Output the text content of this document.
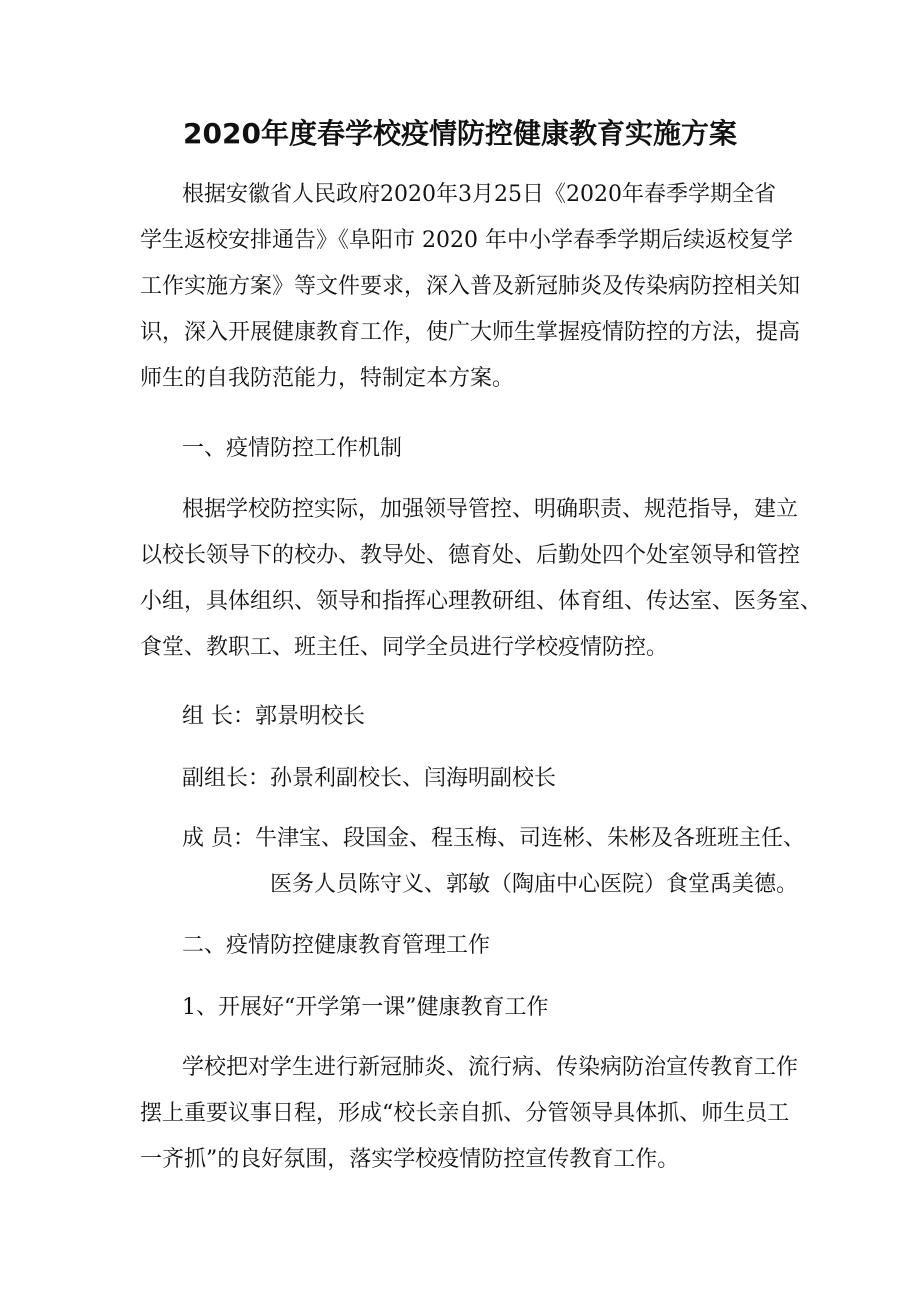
2020年度春学校疫情防控健康教育实施方案
根据安徽省人民政府2020年3月25日《2020年春季学期全省
学生返校安排通告》《阜阳市 2020 年中小学春季学期后续返校复学
工作实施方案》等文件要求，深入普及新冠肺炎及传染病防控相关知
识，深入开展健康教育工作，使广大师生掌握疫情防控的方法，提高
师生的自我防范能力，特制定本方案。
一、疫情防控工作机制
根据学校防控实际，加强领导管控、明确职责、规范指导，建立
以校长领导下的校办、教导处、德育处、后勤处四个处室领导和管控
小组，具体组织、领导和指挥心理教研组、体育组、传达室、医务室、
食堂、教职工、班主任、同学全员进行学校疫情防控。
组 长：郭景明校长
副组长：孙景利副校长、闫海明副校长
成 员：牛津宝、段国金、程玉梅、司连彬、朱彬及各班班主任、
医务人员陈守义、郭敏（陶庙中心医院）食堂禹美德。
二、疫情防控健康教育管理工作
1、开展好“开学第一课”健康教育工作
学校把对学生进行新冠肺炎、流行病、传染病防治宣传教育工作
摆上重要议事日程，形成“校长亲自抓、分管领导具体抓、师生员工
一齐抓”的良好氛围，落实学校疫情防控宣传教育工作。
